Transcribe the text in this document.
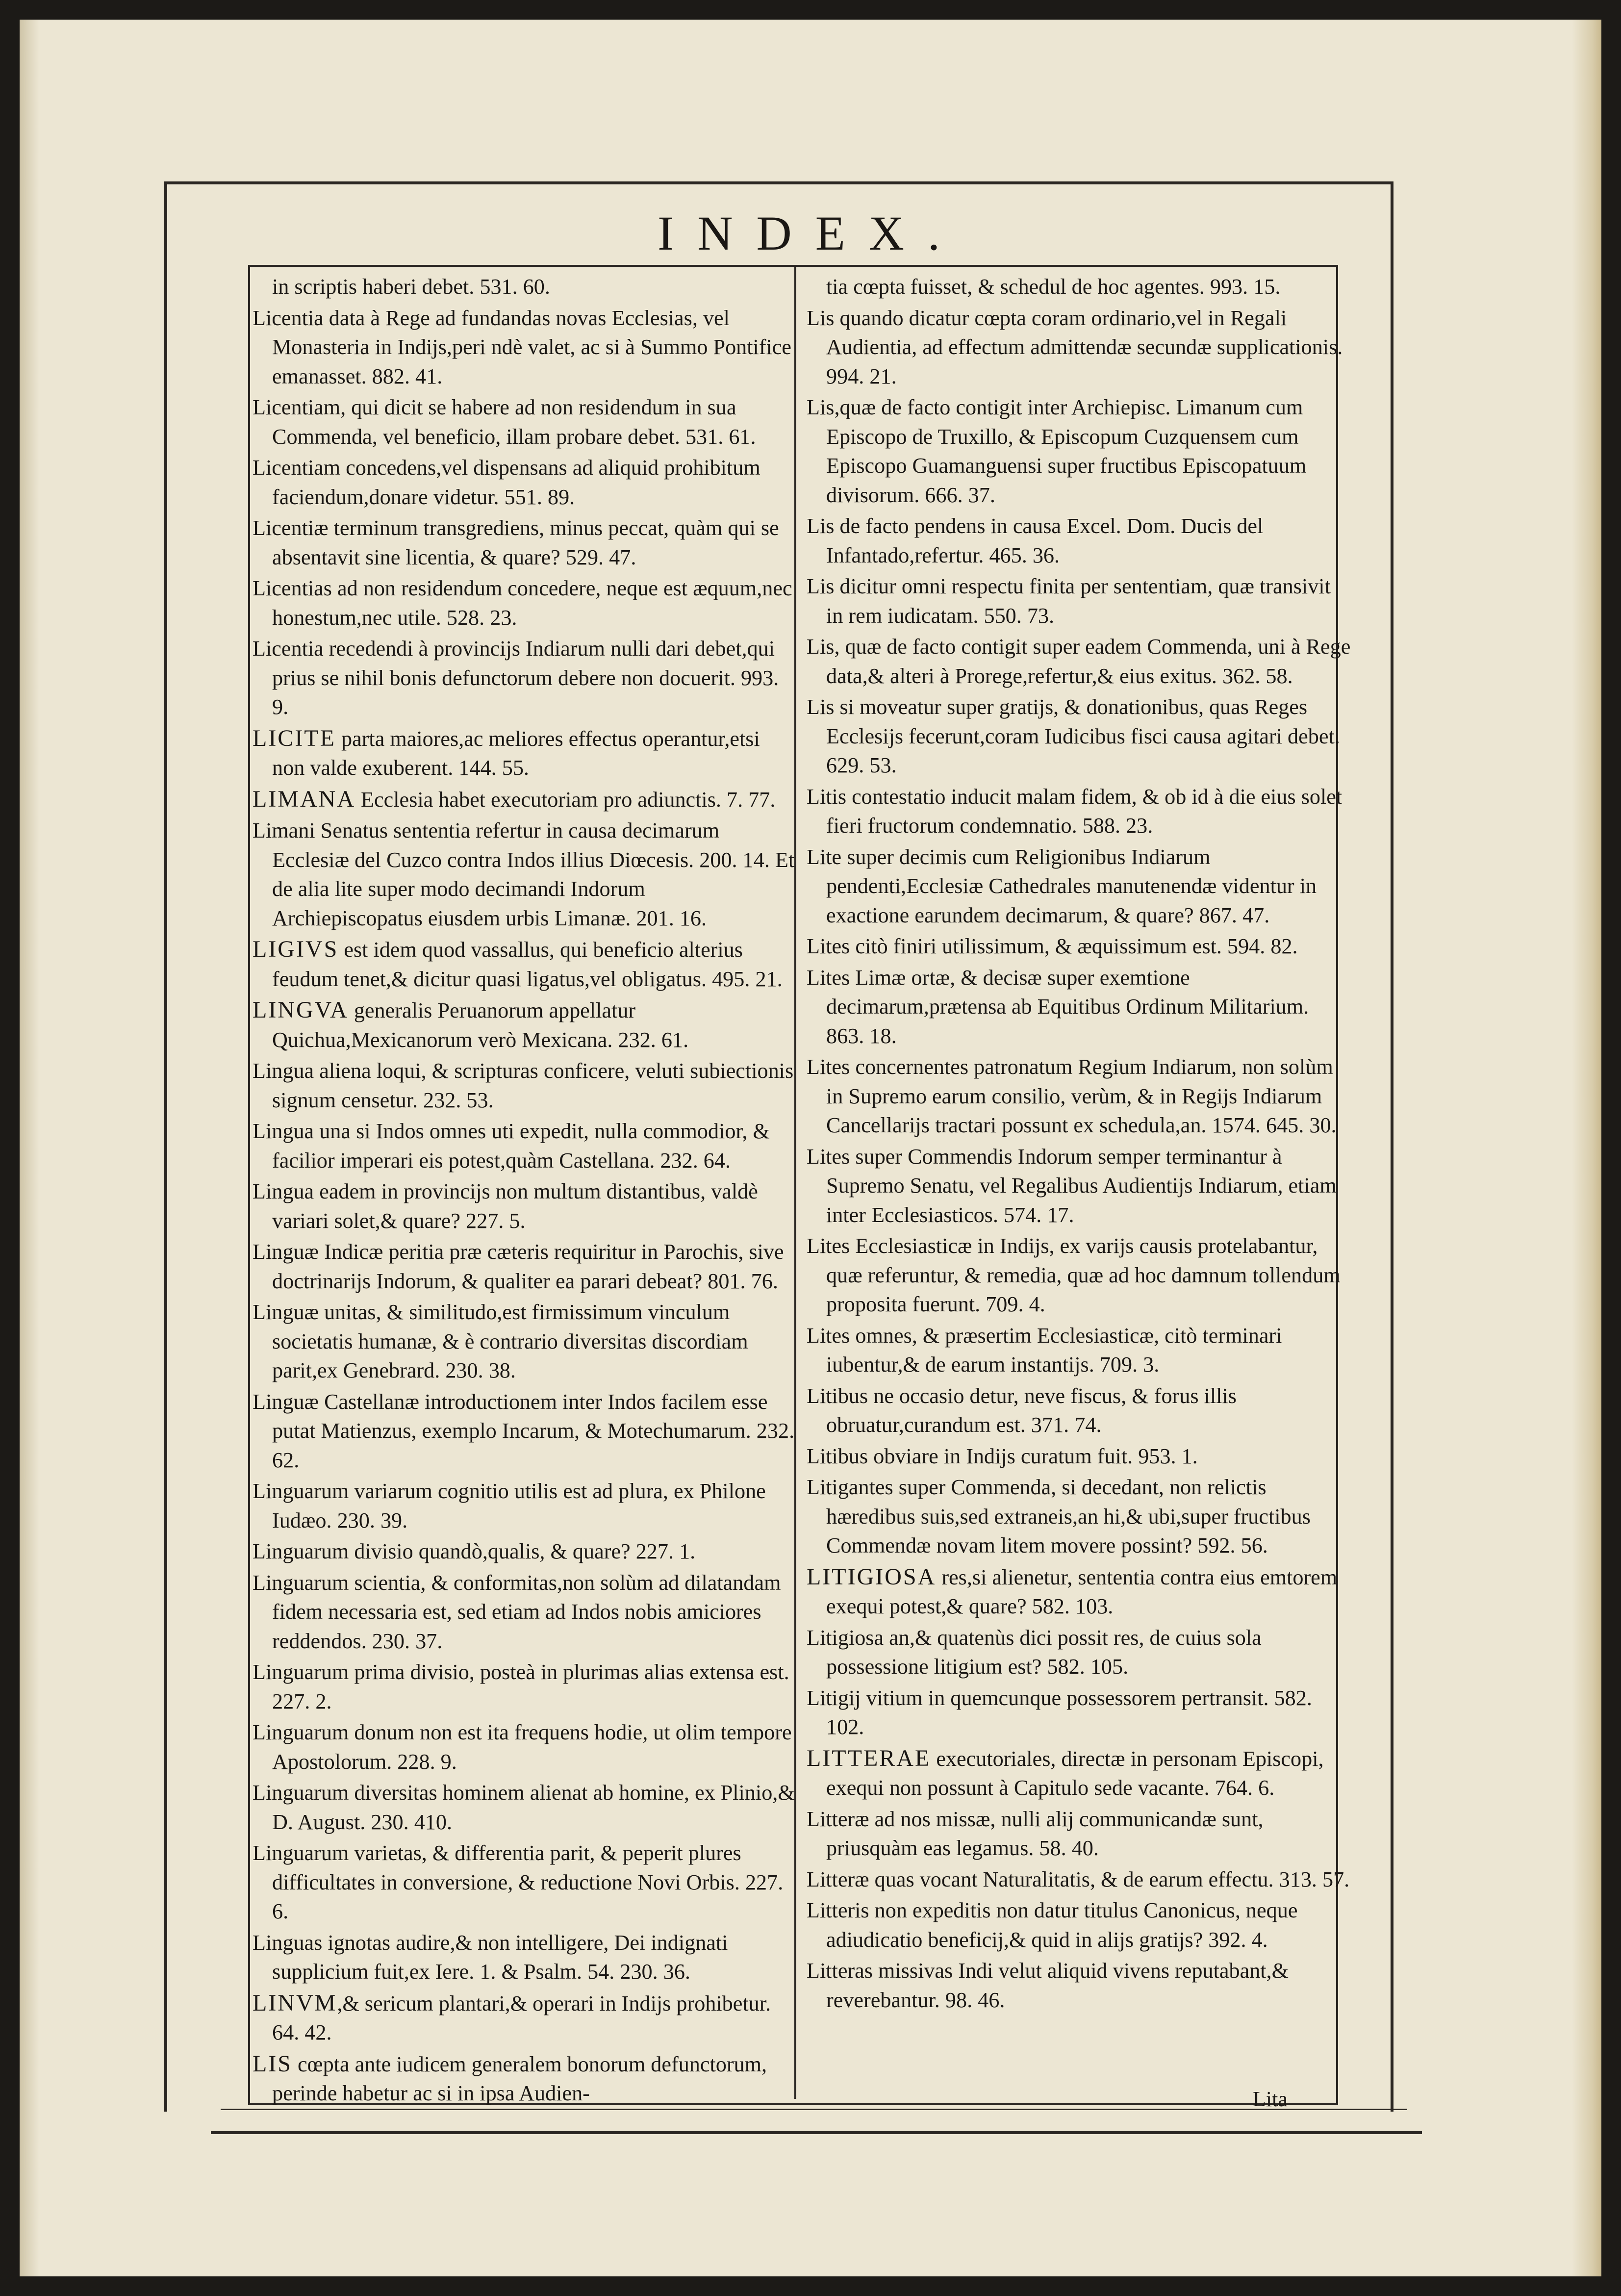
INDEX.
in scriptis haberi debet. 531. 60.
Licentia data à Rege ad fundandas novas Ecclesias, vel Monasteria in Indijs,peri ndè valet, ac si à Summo Pontifice emanasset. 882. 41.
Licentiam, qui dicit se habere ad non residendum in sua Commenda, vel beneficio, illam probare debet. 531. 61.
Licentiam concedens,vel dispensans ad aliquid prohibitum faciendum,donare videtur. 551. 89.
Licentiæ terminum transgrediens, minus peccat, quàm qui se absentavit sine licentia, & quare? 529. 47.
Licentias ad non residendum concedere, neque est æquum,nec honestum,nec utile. 528. 23.
Licentia recedendi à provincijs Indiarum nulli dari debet,qui prius se nihil bonis defunctorum debere non docuerit. 993. 9.
LICITE parta maiores,ac meliores effectus operantur,etsi non valde exuberent. 144. 55.
LIMANA Ecclesia habet executoriam pro adiunctis. 7. 77.
Limani Senatus sententia refertur in causa decimarum Ecclesiæ del Cuzco contra Indos illius Diœcesis. 200. 14. Et de alia lite super modo decimandi Indorum Archiepiscopatus eiusdem urbis Limanæ. 201. 16.
LIGIVS est idem quod vassallus, qui beneficio alterius feudum tenet,& dicitur quasi ligatus,vel obligatus. 495. 21.
LINGVA generalis Peruanorum appellatur Quichua,Mexicanorum verò Mexicana. 232. 61.
Lingua aliena loqui, & scripturas conficere, veluti subiectionis signum censetur. 232. 53.
Lingua una si Indos omnes uti expedit, nulla commodior, & facilior imperari eis potest,quàm Castellana. 232. 64.
Lingua eadem in provincijs non multum distantibus, valdè variari solet,& quare? 227. 5.
Linguæ Indicæ peritia præ cæteris requiritur in Parochis, sive doctrinarijs Indorum, & qualiter ea parari debeat? 801. 76.
Linguæ unitas, & similitudo,est firmissimum vinculum societatis humanæ, & è contrario diversitas discordiam parit,ex Genebrard. 230. 38.
Linguæ Castellanæ introductionem inter Indos facilem esse putat Matienzus, exemplo Incarum, & Motechumarum. 232. 62.
Linguarum variarum cognitio utilis est ad plura, ex Philone Iudæo. 230. 39.
Linguarum divisio quandò,qualis, & quare? 227. 1.
Linguarum scientia, & conformitas,non solùm ad dilatandam fidem necessaria est, sed etiam ad Indos nobis amiciores reddendos. 230. 37.
Linguarum prima divisio, posteà in plurimas alias extensa est. 227. 2.
Linguarum donum non est ita frequens hodie, ut olim tempore Apostolorum. 228. 9.
Linguarum diversitas hominem alienat ab homine, ex Plinio,& D. August. 230. 410.
Linguarum varietas, & differentia parit, & peperit plures difficultates in conversione, & reductione Novi Orbis. 227. 6.
Linguas ignotas audire,& non intelligere, Dei indignati supplicium fuit,ex Iere. 1. & Psalm. 54. 230. 36.
LINVM,& sericum plantari,& operari in Indijs prohibetur. 64. 42.
LIS cœpta ante iudicem generalem bonorum defunctorum, perinde habetur ac si in ipsa Audien-
tia cœpta fuisset, & schedul de hoc agentes. 993. 15.
Lis quando dicatur cœpta coram ordinario,vel in Regali Audientia, ad effectum admittendæ secundæ supplicationis. 994. 21.
Lis,quæ de facto contigit inter Archiepisc. Limanum cum Episcopo de Truxillo, & Episcopum Cuzquensem cum Episcopo Guamanguensi super fructibus Episcopatuum divisorum. 666. 37.
Lis de facto pendens in causa Excel. Dom. Ducis del Infantado,refertur. 465. 36.
Lis dicitur omni respectu finita per sententiam, quæ transivit in rem iudicatam. 550. 73.
Lis, quæ de facto contigit super eadem Commenda, uni à Rege data,& alteri à Prorege,refertur,& eius exitus. 362. 58.
Lis si moveatur super gratijs, & donationibus, quas Reges Ecclesijs fecerunt,coram Iudicibus fisci causa agitari debet. 629. 53.
Litis contestatio inducit malam fidem, & ob id à die eius solet fieri fructorum condemnatio. 588. 23.
Lite super decimis cum Religionibus Indiarum pendenti,Ecclesiæ Cathedrales manutenendæ videntur in exactione earundem decimarum, & quare? 867. 47.
Lites citò finiri utilissimum, & æquissimum est. 594. 82.
Lites Limæ ortæ, & decisæ super exemtione decimarum,prætensa ab Equitibus Ordinum Militarium. 863. 18.
Lites concernentes patronatum Regium Indiarum, non solùm in Supremo earum consilio, verùm, & in Regijs Indiarum Cancellarijs tractari possunt ex schedula,an. 1574. 645. 30.
Lites super Commendis Indorum semper terminantur à Supremo Senatu, vel Regalibus Audientijs Indiarum, etiam inter Ecclesiasticos. 574. 17.
Lites Ecclesiasticæ in Indijs, ex varijs causis protelabantur, quæ referuntur, & remedia, quæ ad hoc damnum tollendum proposita fuerunt. 709. 4.
Lites omnes, & præsertim Ecclesiasticæ, citò terminari iubentur,& de earum instantijs. 709. 3.
Litibus ne occasio detur, neve fiscus, & forus illis obruatur,curandum est. 371. 74.
Litibus obviare in Indijs curatum fuit. 953. 1.
Litigantes super Commenda, si decedant, non relictis hæredibus suis,sed extraneis,an hi,& ubi,super fructibus Commendæ novam litem movere possint? 592. 56.
LITIGIOSA res,si alienetur, sententia contra eius emtorem exequi potest,& quare? 582. 103.
Litigiosa an,& quatenùs dici possit res, de cuius sola possessione litigium est? 582. 105.
Litigij vitium in quemcunque possessorem pertransit. 582. 102.
LITTERAE executoriales, directæ in personam Episcopi, exequi non possunt à Capitulo sede vacante. 764. 6.
Litteræ ad nos missæ, nulli alij communicandæ sunt, priusquàm eas legamus. 58. 40.
Litteræ quas vocant Naturalitatis, & de earum effectu. 313. 57.
Litteris non expeditis non datur titulus Canonicus, neque adiudicatio beneficij,& quid in alijs gratijs? 392. 4.
Litteras missivas Indi velut aliquid vivens reputabant,& reverebantur. 98. 46.
Lita
